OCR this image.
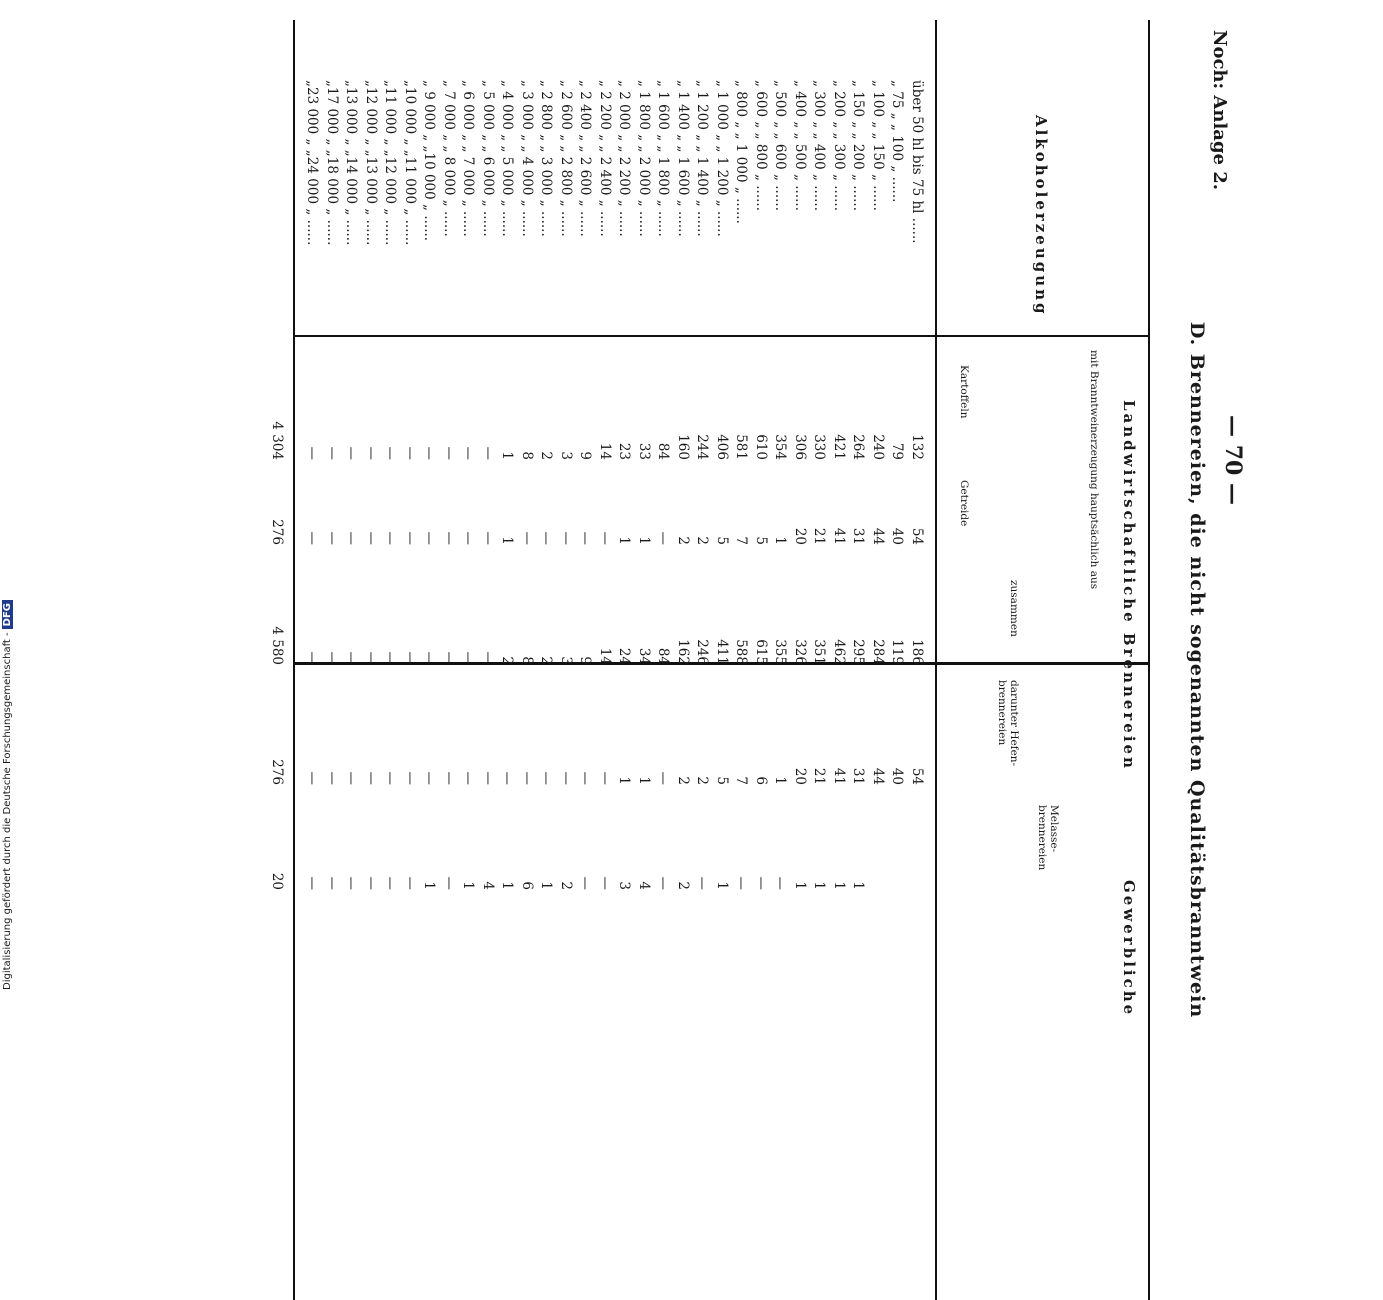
Noch: Anlage 2.
— 70 —
D. Brennereien, die nicht sogenannten Qualitätsbranntwein
Alkoholerzeugung
Landwirtschaftliche Brennereien
mit Branntweinerzeugung hauptsächlich aus
Kartoffeln
Getreide
zusammen
darunter Hefen-brennereien
Gewerbliche
Melasse-brennereien
über 50 hl bis 75 hl ......
132
54
186
54
„ 75 „ „ 100 „ ......
79
40
119
40
„ 100 „ „ 150 „ ......
240
44
284
44
„ 150 „ „ 200 „ ......
264
31
295
31
1
„ 200 „ „ 300 „ ......
421
41
462
41
1
„ 300 „ „ 400 „ ......
330
21
351
21
1
„ 400 „ „ 500 „ ......
306
20
326
20
1
„ 500 „ „ 600 „ ......
354
1
355
1
—
„ 600 „ „ 800 „ ......
610
5
615
6
—
„ 800 „ „ 1 000 „ ......
581
7
588
7
—
„ 1 000 „ „ 1 200 „ ......
406
5
411
5
1
„ 1 200 „ „ 1 400 „ ......
244
2
246
2
—
„ 1 400 „ „ 1 600 „ ......
160
2
162
2
2
„ 1 600 „ „ 1 800 „ ......
84
—
84
—
—
„ 1 800 „ „ 2 000 „ ......
33
1
34
1
4
„ 2 000 „ „ 2 200 „ ......
23
1
24
1
3
„ 2 200 „ „ 2 400 „ ......
14
—
14
—
—
„ 2 400 „ „ 2 600 „ ......
9
—
9
—
—
„ 2 600 „ „ 2 800 „ ......
3
—
3
—
2
„ 2 800 „ „ 3 000 „ ......
2
—
2
—
1
„ 3 000 „ „ 4 000 „ ......
8
—
8
—
6
„ 4 000 „ „ 5 000 „ ......
1
1
2
—
1
„ 5 000 „ „ 6 000 „ ......
—
—
—
—
4
„ 6 000 „ „ 7 000 „ ......
—
—
—
—
1
„ 7 000 „ „ 8 000 „ ......
—
—
—
—
—
„ 9 000 „ „10 000 „ ......
—
—
—
—
1
„10 000 „ „11 000 „ ......
—
—
—
—
—
„11 000 „ „12 000 „ ......
—
—
—
—
—
„12 000 „ „13 000 „ ......
—
—
—
—
—
„13 000 „ „14 000 „ ......
—
—
—
—
—
„17 000 „ „18 000 „ ......
—
—
—
—
—
„23 000 „ „24 000 „ ......
—
—
—
—
—
4 304
276
4 580
276
20
Digitalisierung gefördert durch die Deutsche Forschungsgemeinschaft -DFG
